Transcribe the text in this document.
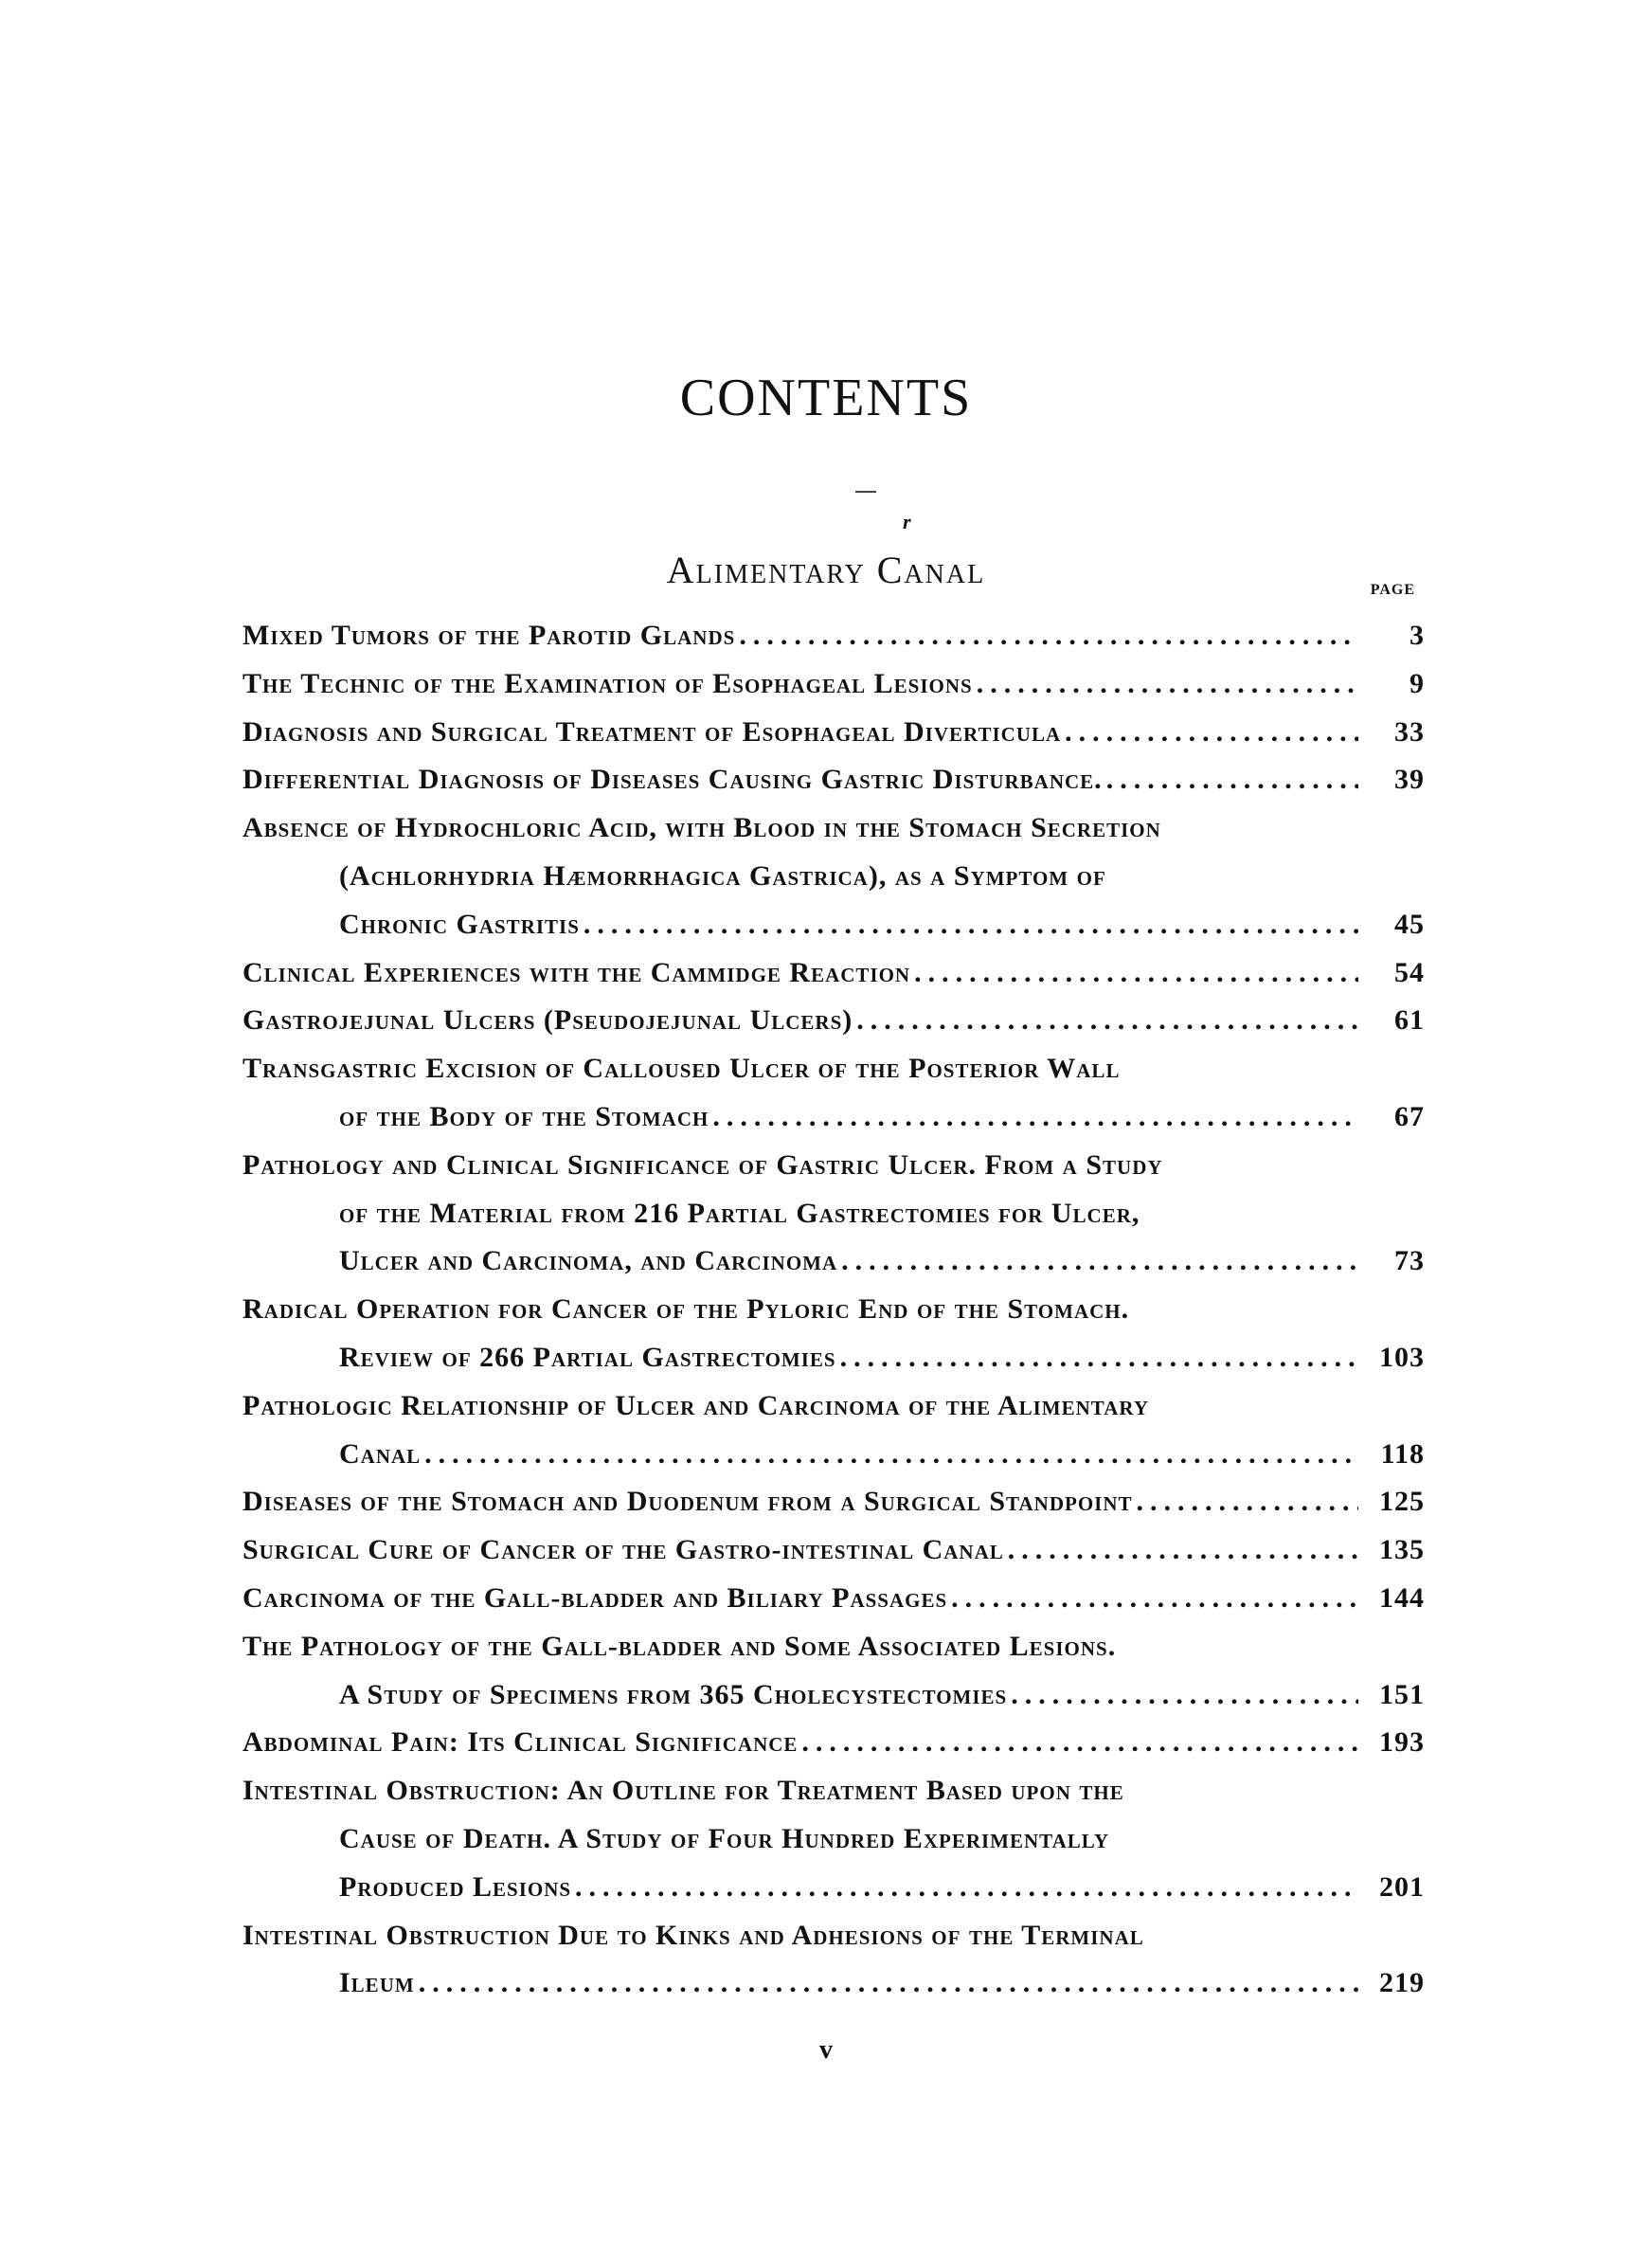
CONTENTS
r
Alimentary Canal	PAGE
Mixed Tumors of the Parotid Glands .....	3
The Technic of the Examination of Esophageal Lesions .....	9
Diagnosis and Surgical Treatment of Esophageal Diverticula .....	33
Differential Diagnosis of Diseases Causing Gastric Disturbance. .....	39
Absence of Hydrochloric Acid, with Blood in the Stomach Secretion
(Achlorhydria Hæmorrhagica Gastrica), as a Symptom of
Chronic Gastritis .....	45
Clinical Experiences with the Cammidge Reaction .....	54
Gastrojejunal Ulcers (Pseudojejunal Ulcers) .....	61
Transgastric Excision of Calloused Ulcer of the Posterior Wall
of the Body of the Stomach .....	67
Pathology and Clinical Significance of Gastric Ulcer. From a Study
of the Material from 216 Partial Gastrectomies for Ulcer,
Ulcer and Carcinoma, and Carcinoma .....	73
Radical Operation for Cancer of the Pyloric End of the Stomach.
Review of 266 Partial Gastrectomies .....	103
Pathologic Relationship of Ulcer and Carcinoma of the Alimentary
Canal .....	118
Diseases of the Stomach and Duodenum from a Surgical Standpoint .....	125
Surgical Cure of Cancer of the Gastro-intestinal Canal .....	135
Carcinoma of the Gall-bladder and Biliary Passages .....	144
The Pathology of the Gall-bladder and Some Associated Lesions.
A Study of Specimens from 365 Cholecystectomies .....	151
Abdominal Pain: Its Clinical Significance .....	193
Intestinal Obstruction: An Outline for Treatment Based upon the
Cause of Death. A Study of Four Hundred Experimentally
Produced Lesions .....	201
Intestinal Obstruction Due to Kinks and Adhesions of the Terminal
Ileum .....	219
v
